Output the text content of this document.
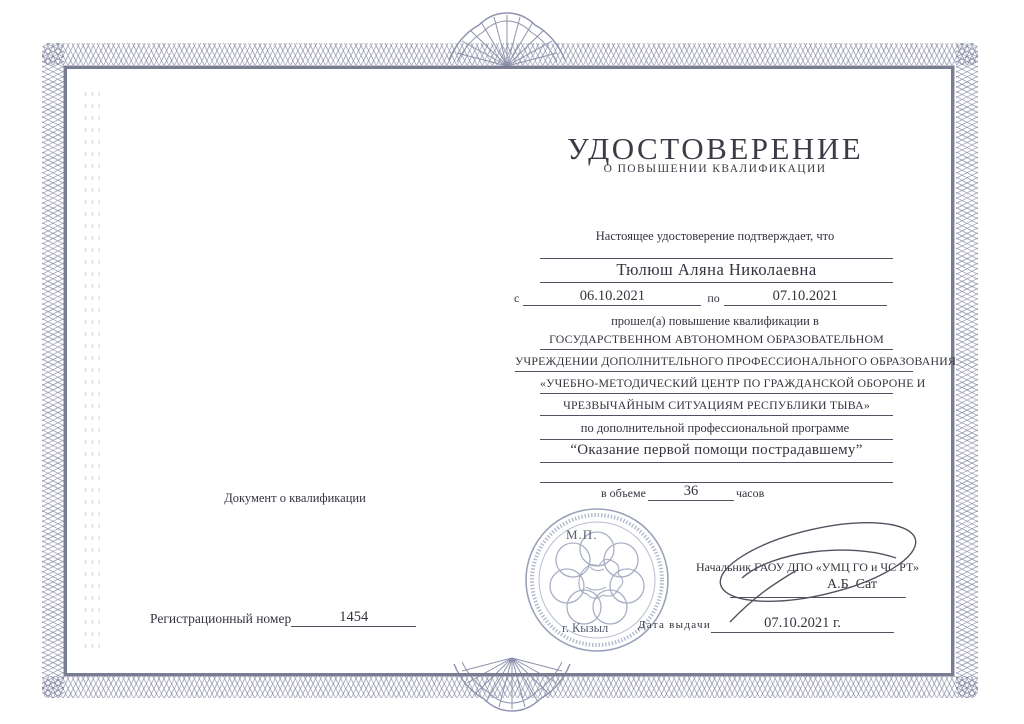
УДОСТОВЕРЕНИЕ
О ПОВЫШЕНИИ КВАЛИФИКАЦИИ
Настоящее удостоверение подтверждает, что
Тюлюш Аляна Николаевна
с	06.10.2021	по	07.10.2021
прошел(а) повышение квалификации в
ГОСУДАРСТВЕННОМ АВТОНОМНОМ ОБРАЗОВАТЕЛЬНОМ
УЧРЕЖДЕНИИ ДОПОЛНИТЕЛЬНОГО ПРОФЕССИОНАЛЬНОГО ОБРАЗОВАНИЯ
«УЧЕБНО-МЕТОДИЧЕСКИЙ ЦЕНТР ПО ГРАЖДАНСКОЙ ОБОРОНЕ И
ЧРЕЗВЫЧАЙНЫМ СИТУАЦИЯМ РЕСПУБЛИКИ ТЫВА»
по дополнительной профессиональной программе
“Оказание первой помощи пострадавшему”
в объеме	36	часов
Документ о квалификации
Регистрационный номер	1454
М.П.
г. Кызыл
Начальник ГАОУ ДПО «УМЦ ГО и ЧС РТ»
А.Б. Сат
Дата выдачи	07.10.2021 г.
